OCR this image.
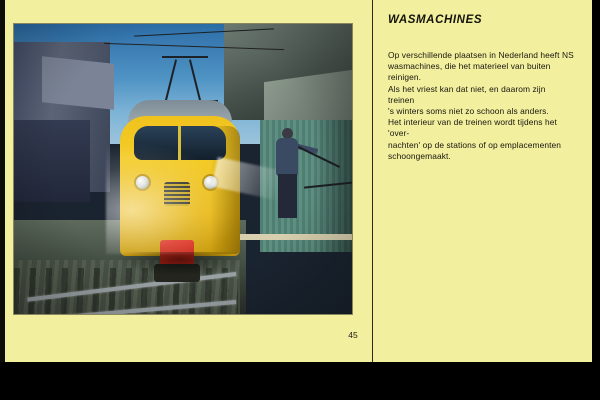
WASMACHINES

Op verschillende plaatsen in Nederland heeft NS

wasmachines, die het materieel van buiten reinigen.

Als het vriest kan dat niet, en daarom zijn treinen

's winters soms niet zo schoon als anders.

Het interieur van de treinen wordt tijdens het 'over-

nachten' op de stations of op emplacementen

schoongemaakt.

45
